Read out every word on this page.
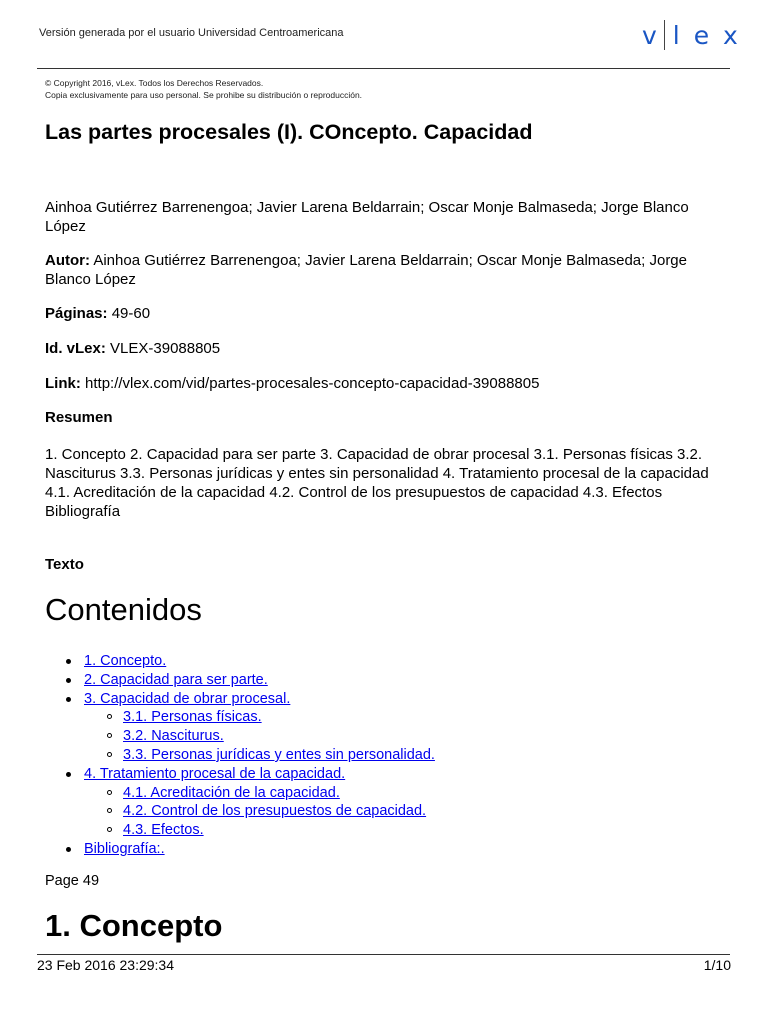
Versión generada por el usuario Universidad Centroamericana	v l e x
© Copyright 2016, vLex. Todos los Derechos Reservados.
Copia exclusivamente para uso personal. Se prohibe su distribución o reproducción.
Las partes procesales (I). COncepto. Capacidad

Ainhoa Gutiérrez Barrenengoa; Javier Larena Beldarrain; Oscar Monje Balmaseda; Jorge Blanco López

Autor: Ainhoa Gutiérrez Barrenengoa; Javier Larena Beldarrain; Oscar Monje Balmaseda; Jorge Blanco López

Páginas: 49-60

Id. vLex: VLEX-39088805

Link: http://vlex.com/vid/partes-procesales-concepto-capacidad-39088805

Resumen

1. Concepto 2. Capacidad para ser parte 3. Capacidad de obrar procesal 3.1. Personas físicas 3.2. Nasciturus 3.3. Personas jurídicas y entes sin personalidad 4. Tratamiento procesal de la capacidad 4.1. Acreditación de la capacidad 4.2. Control de los presupuestos de capacidad 4.3. Efectos Bibliografía

Texto

Contenidos
1. Concepto.
2. Capacidad para ser parte.
3. Capacidad de obrar procesal.
3.1. Personas físicas.
3.2. Nasciturus.
3.3. Personas jurídicas y entes sin personalidad.
4. Tratamiento procesal de la capacidad.
4.1. Acreditación de la capacidad.
4.2. Control de los presupuestos de capacidad.
4.3. Efectos.
Bibliografía:.
Page 49
1. Concepto
23 Feb 2016 23:29:34	1/10
